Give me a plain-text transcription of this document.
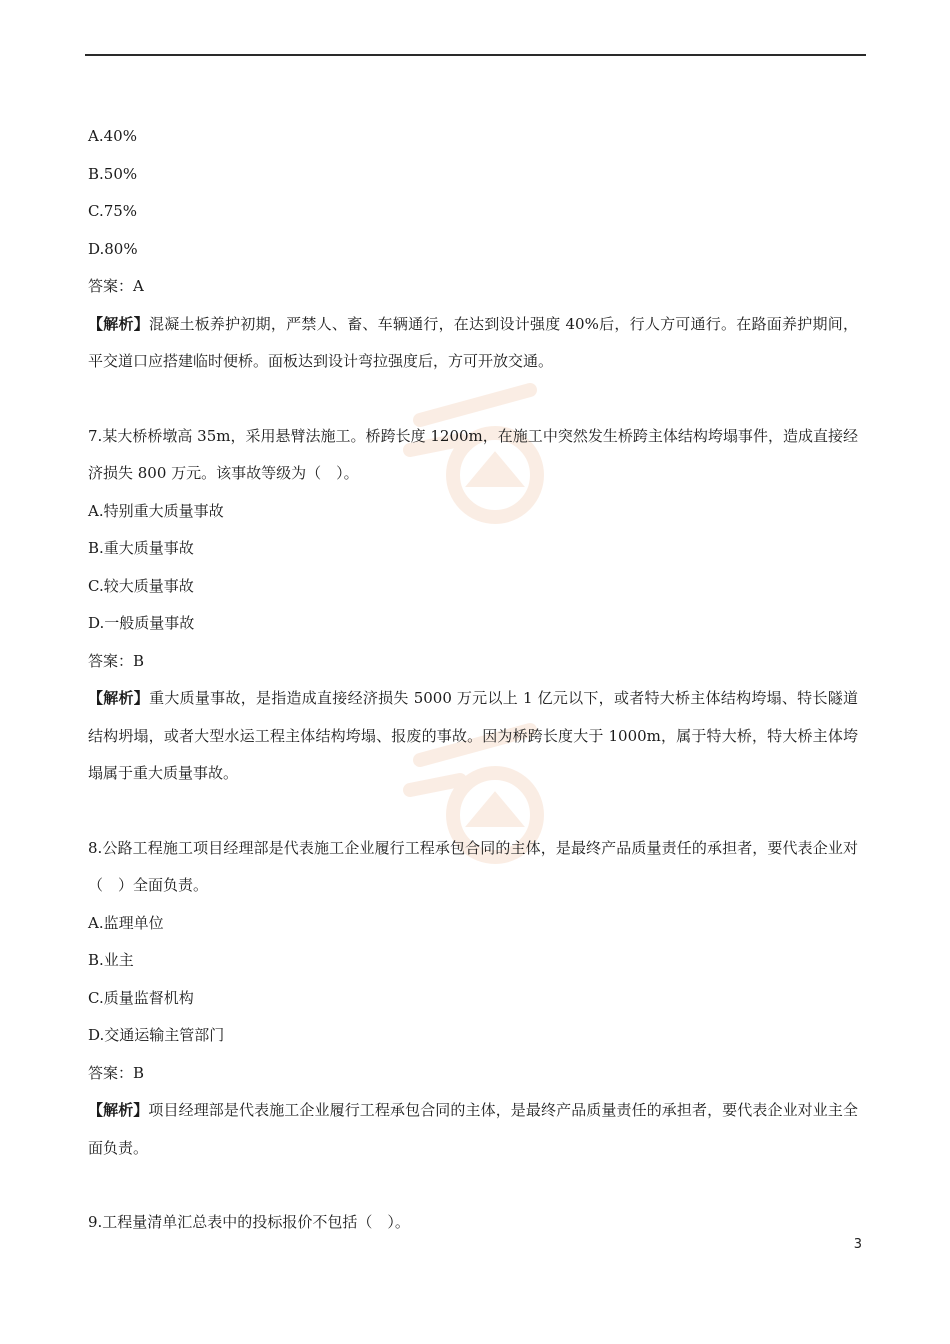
A.40%
B.50%
C.75%
D.80%
答案：A
【解析】混凝土板养护初期，严禁人、畜、车辆通行，在达到设计强度 40%后，行人方可通行。在路面养护期间，平交道口应搭建临时便桥。面板达到设计弯拉强度后，方可开放交通。
7.某大桥桥墩高 35m，采用悬臂法施工。桥跨长度 1200m，在施工中突然发生桥跨主体结构垮塌事件，造成直接经济损失 800 万元。该事故等级为（　）。
A.特别重大质量事故
B.重大质量事故
C.较大质量事故
D.一般质量事故
答案：B
【解析】重大质量事故，是指造成直接经济损失 5000 万元以上 1 亿元以下，或者特大桥主体结构垮塌、特长隧道结构坍塌，或者大型水运工程主体结构垮塌、报废的事故。因为桥跨长度大于 1000m，属于特大桥，特大桥主体垮塌属于重大质量事故。
8.公路工程施工项目经理部是代表施工企业履行工程承包合同的主体，是最终产品质量责任的承担者，要代表企业对（　）全面负责。
A.监理单位
B.业主
C.质量监督机构
D.交通运输主管部门
答案：B
【解析】项目经理部是代表施工企业履行工程承包合同的主体，是最终产品质量责任的承担者，要代表企业对业主全面负责。
9.工程量清单汇总表中的投标报价不包括（　）。
3
